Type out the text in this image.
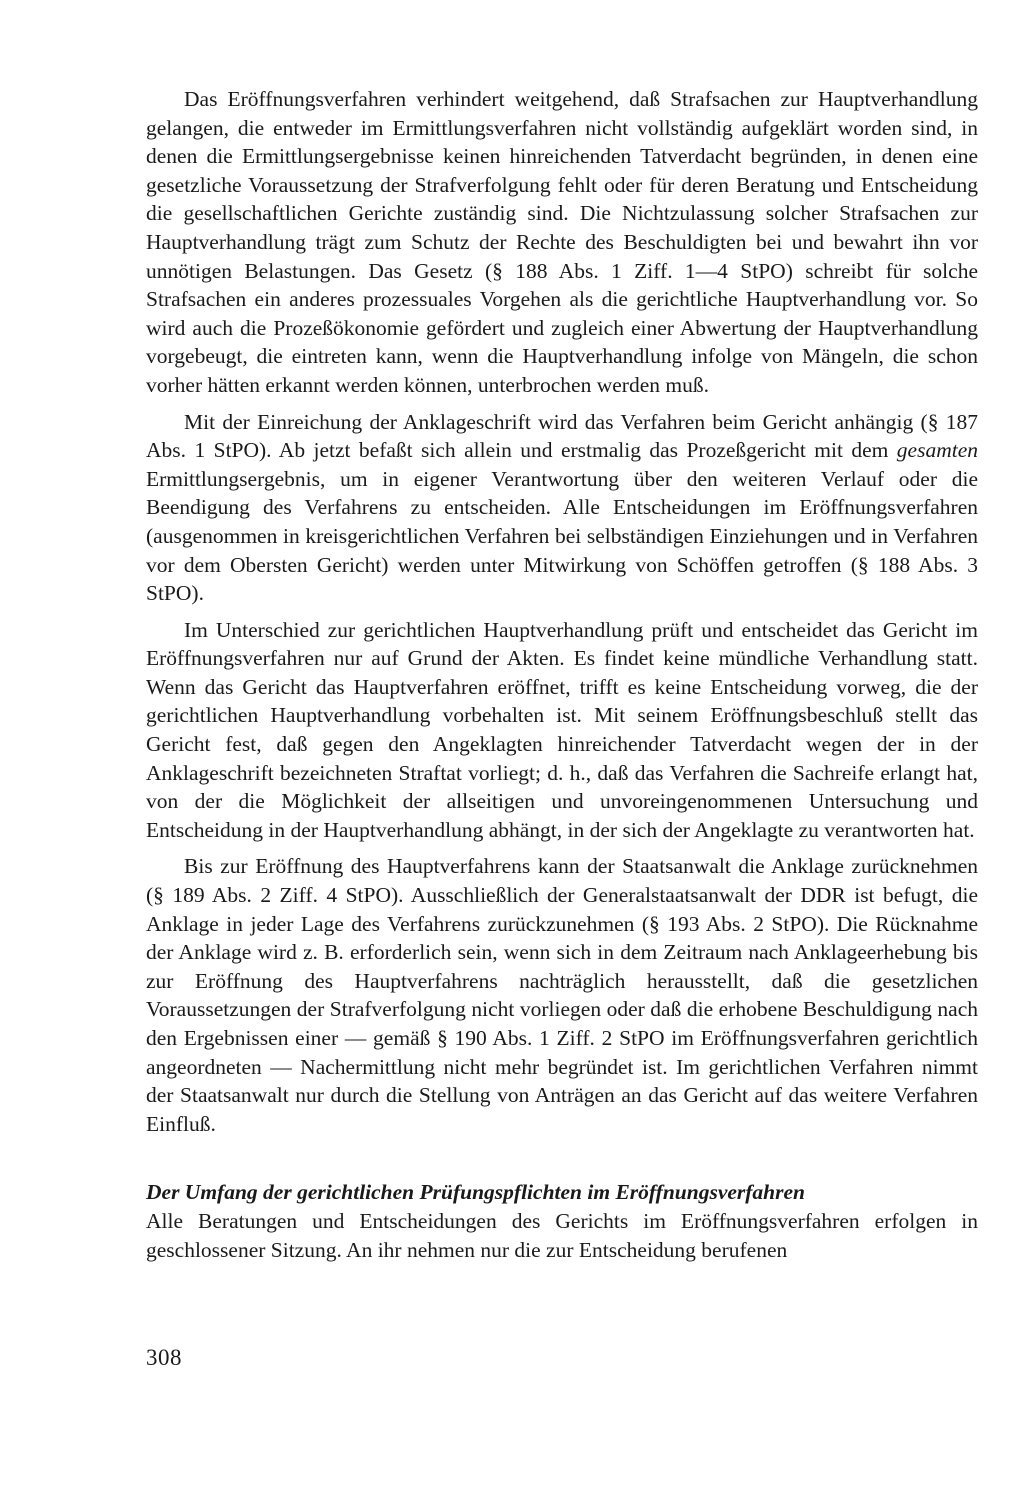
Das Eröffnungsverfahren verhindert weitgehend, daß Strafsachen zur Hauptverhandlung gelangen, die entweder im Ermittlungsverfahren nicht vollständig aufgeklärt worden sind, in denen die Ermittlungsergebnisse keinen hinreichenden Tatverdacht begründen, in denen eine gesetzliche Voraussetzung der Strafverfolgung fehlt oder für deren Beratung und Entscheidung die gesellschaftlichen Gerichte zuständig sind. Die Nichtzulassung solcher Strafsachen zur Hauptverhandlung trägt zum Schutz der Rechte des Beschuldigten bei und bewahrt ihn vor unnötigen Belastungen. Das Gesetz (§ 188 Abs. 1 Ziff. 1—4 StPO) schreibt für solche Strafsachen ein anderes prozessuales Vorgehen als die gerichtliche Hauptverhandlung vor. So wird auch die Prozeßökonomie gefördert und zugleich einer Abwertung der Hauptverhandlung vorgebeugt, die eintreten kann, wenn die Hauptverhandlung infolge von Mängeln, die schon vorher hätten erkannt werden können, unterbrochen werden muß.

Mit der Einreichung der Anklageschrift wird das Verfahren beim Gericht anhängig (§ 187 Abs. 1 StPO). Ab jetzt befaßt sich allein und erstmalig das Prozeßgericht mit dem gesamten Ermittlungsergebnis, um in eigener Verantwortung über den weiteren Verlauf oder die Beendigung des Verfahrens zu entscheiden. Alle Entscheidungen im Eröffnungsverfahren (ausgenommen in kreisgerichtlichen Verfahren bei selbständigen Einziehungen und in Verfahren vor dem Obersten Gericht) werden unter Mitwirkung von Schöffen getroffen (§ 188 Abs. 3 StPO).

Im Unterschied zur gerichtlichen Hauptverhandlung prüft und entscheidet das Gericht im Eröffnungsverfahren nur auf Grund der Akten. Es findet keine mündliche Verhandlung statt. Wenn das Gericht das Hauptverfahren eröffnet, trifft es keine Entscheidung vorweg, die der gerichtlichen Hauptverhandlung vorbehalten ist. Mit seinem Eröffnungsbeschluß stellt das Gericht fest, daß gegen den Angeklagten hinreichender Tatverdacht wegen der in der Anklageschrift bezeichneten Straftat vorliegt; d. h., daß das Verfahren die Sachreife erlangt hat, von der die Möglichkeit der allseitigen und unvoreingenommenen Untersuchung und Entscheidung in der Hauptverhandlung abhängt, in der sich der Angeklagte zu verantworten hat.

Bis zur Eröffnung des Hauptverfahrens kann der Staatsanwalt die Anklage zurücknehmen (§ 189 Abs. 2 Ziff. 4 StPO). Ausschließlich der Generalstaatsanwalt der DDR ist befugt, die Anklage in jeder Lage des Verfahrens zurückzunehmen (§ 193 Abs. 2 StPO). Die Rücknahme der Anklage wird z. B. erforderlich sein, wenn sich in dem Zeitraum nach Anklageerhebung bis zur Eröffnung des Hauptverfahrens nachträglich herausstellt, daß die gesetzlichen Voraussetzungen der Strafverfolgung nicht vorliegen oder daß die erhobene Beschuldigung nach den Ergebnissen einer — gemäß § 190 Abs. 1 Ziff. 2 StPO im Eröffnungsverfahren gerichtlich angeordneten — Nachermittlung nicht mehr begründet ist. Im gerichtlichen Verfahren nimmt der Staatsanwalt nur durch die Stellung von Anträgen an das Gericht auf das weitere Verfahren Einfluß.

Der Umfang der gerichtlichen Prüfungspflichten im Eröffnungsverfahren

Alle Beratungen und Entscheidungen des Gerichts im Eröffnungsverfahren erfolgen in geschlossener Sitzung. An ihr nehmen nur die zur Entscheidung berufenen

308
